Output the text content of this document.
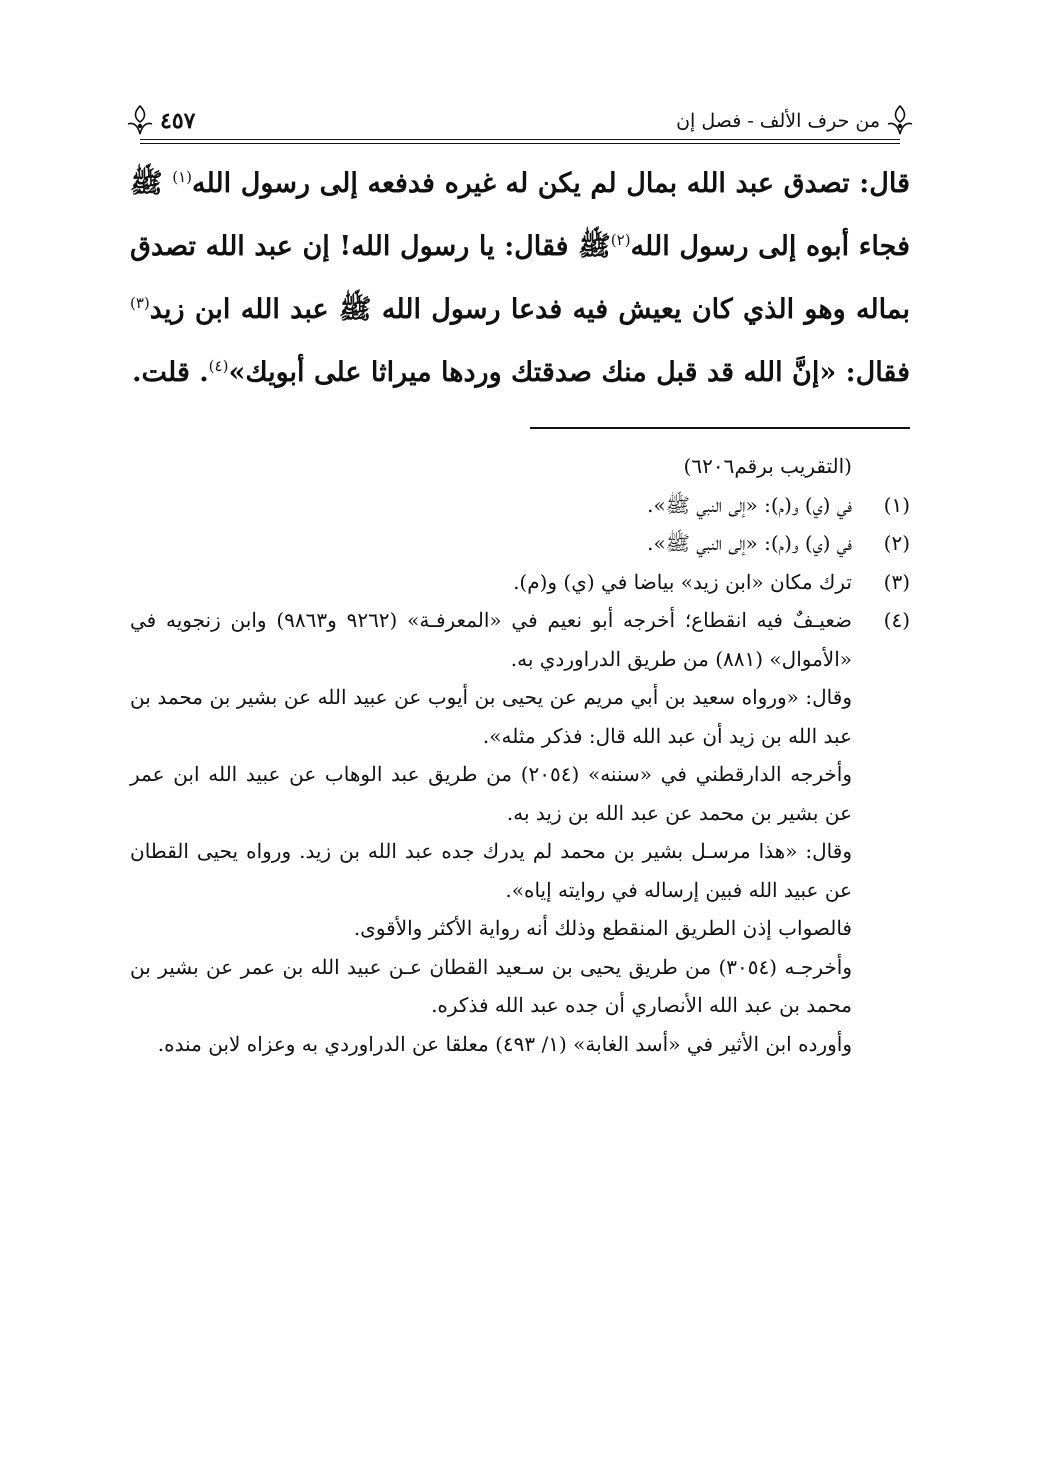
من حرف الألف - فصل إن
٤٥٧
قال: تصدق عبد الله بمال لم يكن له غيره فدفعه إلى رسول الله$^{(١)}$ ﷺ فجاء أبوه إلى رسول الله$^{(٢)}$ﷺ فقال: يا رسول الله! إن عبد الله تصدق بماله وهو الذي كان يعيش فيه فدعا رسول الله ﷺ عبد الله ابن زيد$^{(٣)}$ فقال: «إنَّ الله قد قبل منك صدقتك وردها ميراثا على أبويك»$^{(٤)}$. قلت.
(التقريب برقم٦٢٠٦)
(١)
في (ي) و(م): «إلى النبي ﷺ».
(٢)
في (ي) و(م): «إلى النبي ﷺ».
(٣)
ترك مكان «ابن زيد» بياضا في (ي) و(م).
(٤)
ضعيـفٌ فيه انقطاع؛ أخرجه أبو نعيم في «المعرفـة» (٩٢٦٢ و٩٨٦٣) وابن زنجويه في «الأموال» (٨٨١) من طريق الدراوردي به.
وقال: «ورواه سعيد بن أبي مريم عن يحيى بن أيوب عن عبيد الله عن بشير بن محمد بن عبد الله بن زيد أن عبد الله قال: فذكر مثله».
وأخرجه الدارقطني في «سننه» (٢٠٥٤) من طريق عبد الوهاب عن عبيد الله ابن عمر عن بشير بن محمد عن عبد الله بن زيد به.
وقال: «هذا مرسـل بشير بن محمد لم يدرك جده عبد الله بن زيد. ورواه يحيى القطان عن عبيد الله فبين إرساله في روايته إياه».
فالصواب إذن الطريق المنقطع وذلك أنه رواية الأكثر والأقوى.
وأخرجـه (٣٠٥٤) من طريق يحيى بن سـعيد القطان عـن عبيد الله بن عمر عن بشير بن محمد بن عبد الله الأنصاري أن جده عبد الله فذكره.
وأورده ابن الأثير في «أسد الغابة» (١/ ٤٩٣) معلقا عن الدراوردي به وعزاه لابن منده.
